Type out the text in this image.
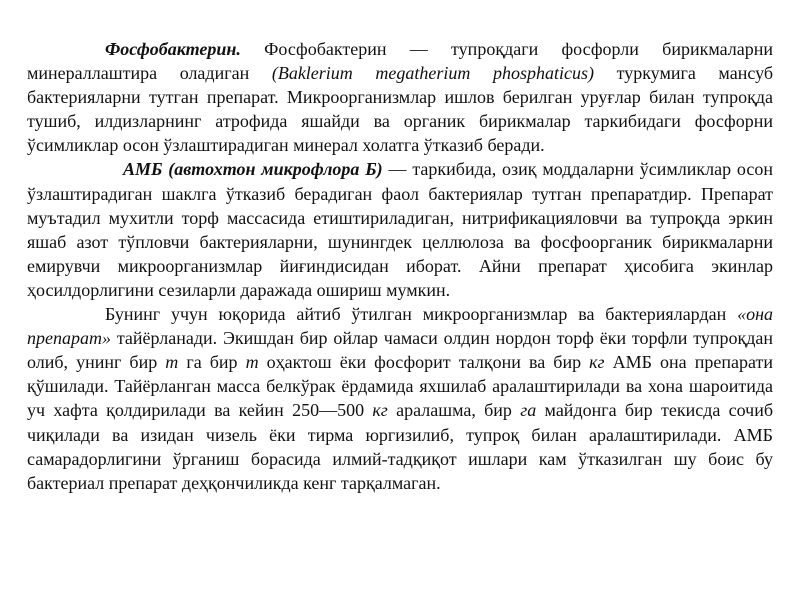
Фосфобактерин. Фосфобактерин — тупроқдаги фосфорли бирикмаларни минераллаштира оладиган (Baklerium megatherium phosphaticus) туркумига мансуб бактерияларни тутган препарат. Микроорганизмлар ишлов берилган уруғлар билан тупроқда тушиб, илдизларнинг атрофида яшайди ва органик бирикмалар таркибидаги фосфорни ўсимликлар осон ўзлаштирадиган минерал холатга ўтказиб беради.

АМБ (автохтон микрофлора Б) — таркибида, озиқ моддаларни ўсимликлар осон ўзлаштирадиган шаклга ўтказиб берадиган фаол бактериялар тутган препаратдир. Препарат муътадил мухитли торф массасида етиштириладиган, нитрификацияловчи ва тупроқда эркин яшаб азот тўпловчи бактерияларни, шунингдек целлюлоза ва фосфоорганик бирикмаларни емирувчи микроорганизмлар йиғиндисидан иборат. Айни препарат ҳисобига экинлар ҳосилдорлигини сезиларли даражада ошириш мумкин.

Бунинг учун юқорида айтиб ўтилган микроорганизмлар ва бактериялардан «она препарат» тайёрланади. Экишдан бир ойлар чамаси олдин нордон торф ёки торфли тупроқдан олиб, унинг бир т га бир т оҳактош ёки фосфорит талқони ва бир кг АМБ она препарати қўшилади. Тайёрланган масса белкўрак ёрдамида яхшилаб аралаштирилади ва хона шароитида уч хафта қолдирилади ва кейин 250—500 кг аралашма, бир га майдонга бир текисда сочиб чиқилади ва изидан чизель ёки тирма юргизилиб, тупроқ билан аралаштирилади. АМБ самарадорлигини ўрганиш борасида илмий-тадқиқот ишлари кам ўтказилган шу боис бу бактериал препарат деҳқончиликда кенг тарқалмаган.
